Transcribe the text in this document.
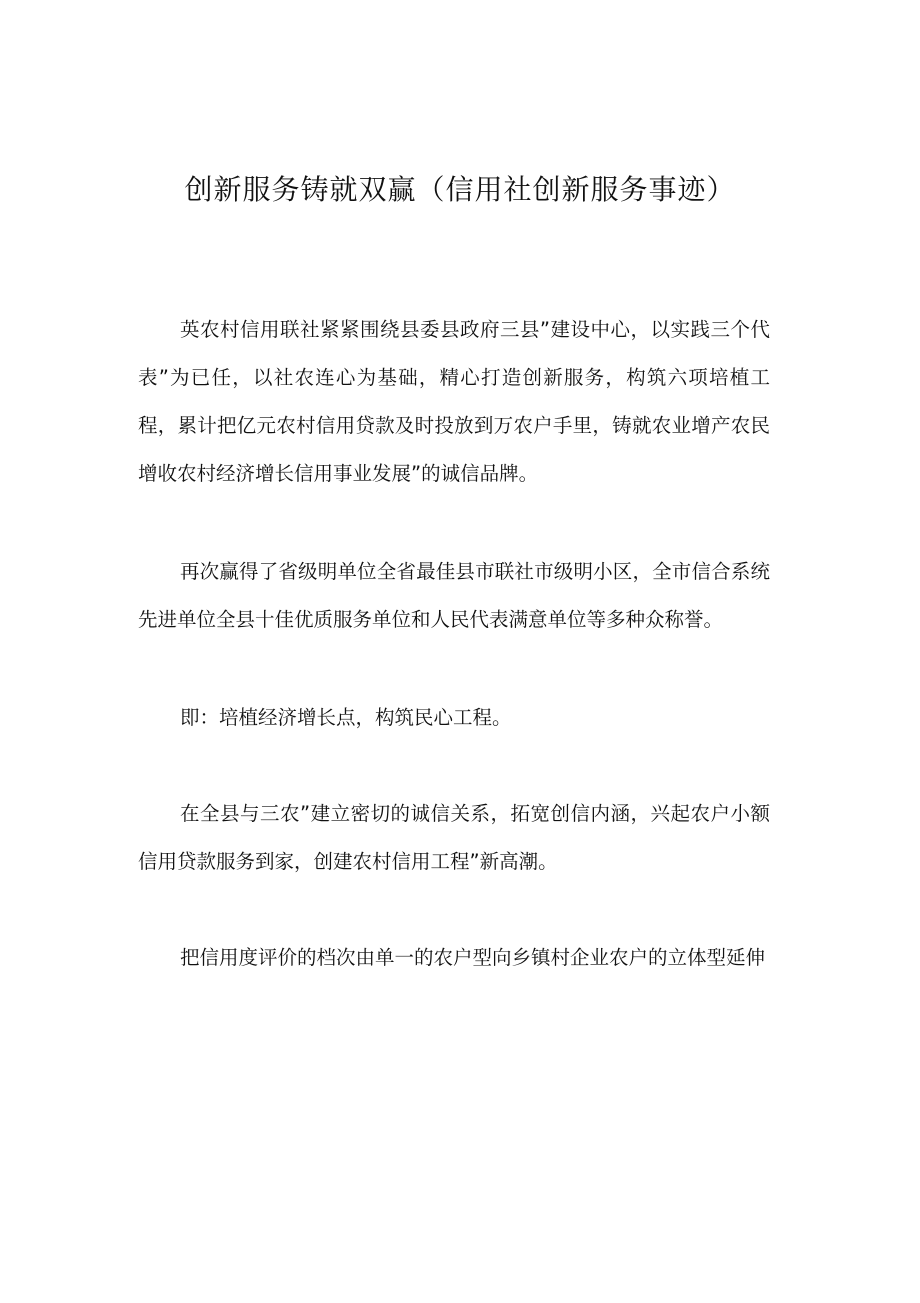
创新服务铸就双赢（信用社创新服务事迹）

英农村信用联社紧紧围绕县委县政府三县”建设中心，以实践三个代表”为已任，以社农连心为基础，精心打造创新服务，构筑六项培植工程，累计把亿元农村信用贷款及时投放到万农户手里，铸就农业增产农民增收农村经济增长信用事业发展”的诚信品牌。

再次赢得了省级明单位全省最佳县市联社市级明小区，全市信合系统先进单位全县十佳优质服务单位和人民代表满意单位等多种众称誉。

即：培植经济增长点，构筑民心工程。

在全县与三农”建立密切的诚信关系，拓宽创信内涵，兴起农户小额信用贷款服务到家，创建农村信用工程”新高潮。

把信用度评价的档次由单一的农户型向乡镇村企业农户的立体型延伸
